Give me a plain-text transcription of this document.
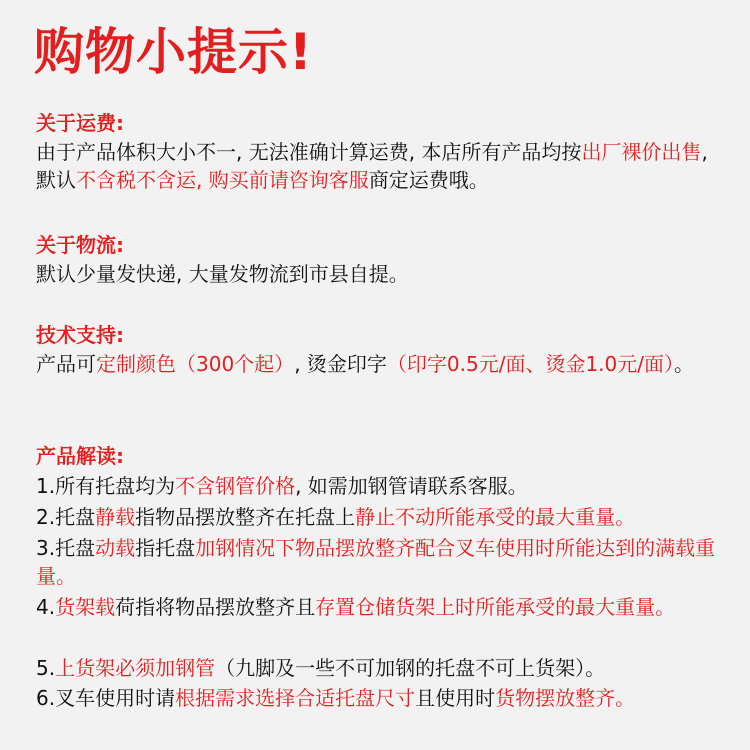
购物小提示!
关于运费:

由于产品体积大小不一, 无法准确计算运费, 本店所有产品均按出厂裸价出售, 默认不含税不含运, 购买前请咨询客服商定运费哦。

关于物流:

默认少量发快递, 大量发物流到市县自提。

技术支持:

产品可定制颜色（300个起）, 烫金印字（印字0.5元/面、烫金1.0元/面）。

产品解读:

1.所有托盘均为不含钢管价格, 如需加钢管请联系客服。

2.托盘静载指物品摆放整齐在托盘上静止不动所能承受的最大重量。

3.托盘动载指托盘加钢情况下物品摆放整齐配合叉车使用时所能达到的满载重量。

4.货架载荷指将物品摆放整齐且存置仓储货架上时所能承受的最大重量。

5.上货架必须加钢管（九脚及一些不可加钢的托盘不可上货架）。

6.叉车使用时请根据需求选择合适托盘尺寸且使用时货物摆放整齐。
